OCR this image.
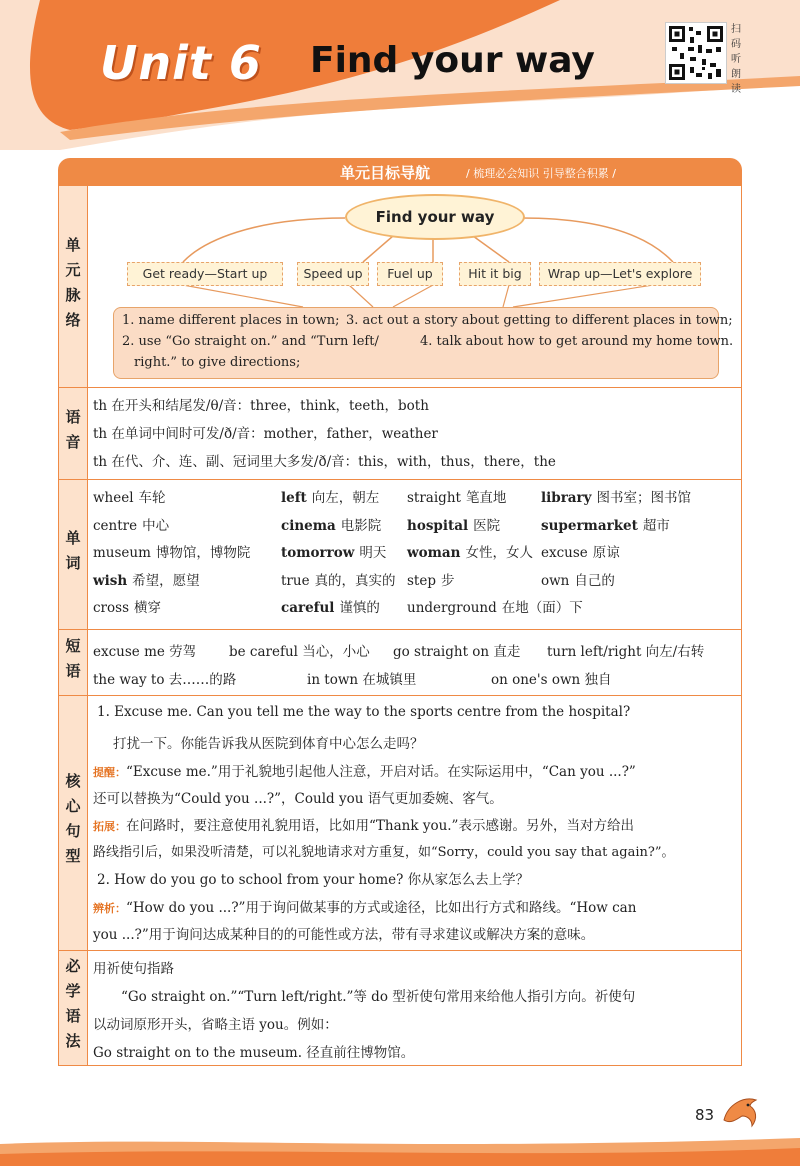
Unit 6 Find your way
扫码听朗读
单元目标导航	/ 梳理必会知识 引导整合积累 /
单元脉络
Find your way
Get ready—Start up	Speed up	Fuel up	Hit it big	Wrap up—Let's explore
1. name different places in town; 3. act out a story about getting to different places in town;
2. use “Go straight on.” and “Turn left/	4. talk about how to get around my home town.
right.” to give directions;
语音
th 在开头和结尾发/θ/音：three，think，teeth，both
th 在单词中间时可发/ð/音：mother，father，weather
th 在代、介、连、副、冠词里大多发/ð/音：this，with，thus，there，the
单词
wheel 车轮	left 向左，朝左 straight 笔直地	library 图书室；图书馆
centre 中心	cinema 电影院 hospital 医院	supermarket 超市
museum 博物馆，博物院 tomorrow 明天 woman 女性，女人 excuse 原谅
wish 希望，愿望	true 真的，真实的 step 步	own 自己的
cross 横穿	careful 谨慎的 underground 在地（面）下
短语 excuse me 劳驾 be careful 当心，小心 go straight on 直走 turn left/right 向左/右转
the way to 去……的路	in town 在城镇里	on one's own 独自
核心句型
1. Excuse me. Can you tell me the way to the sports centre from the hospital?
打扰一下。你能告诉我从医院到体育中心怎么走吗？
提醒：“Excuse me.”用于礼貌地引起他人注意，开启对话。在实际运用中，“Can you ...?”
还可以替换为“Could you ...?”，Could you 语气更加委婉、客气。
拓展：在问路时，要注意使用礼貌用语，比如用“Thank you.”表示感谢。另外，当对方给出
路线指引后，如果没听清楚，可以礼貌地请求对方重复，如“Sorry，could you say that again?”。
2. How do you go to school from your home? 你从家怎么去上学？
辨析：“How do you ...?”用于询问做某事的方式或途径，比如出行方式和路线。“How can
you ...?”用于询问达成某种目的的可能性或方法，带有寻求建议或解决方案的意味。
必学语法 用祈使句指路
“Go straight on.”“Turn left/right.”等 do 型祈使句常用来给他人指引方向。祈使句
以动词原形开头，省略主语 you。例如：
Go straight on to the museum. 径直前往博物馆。
83
